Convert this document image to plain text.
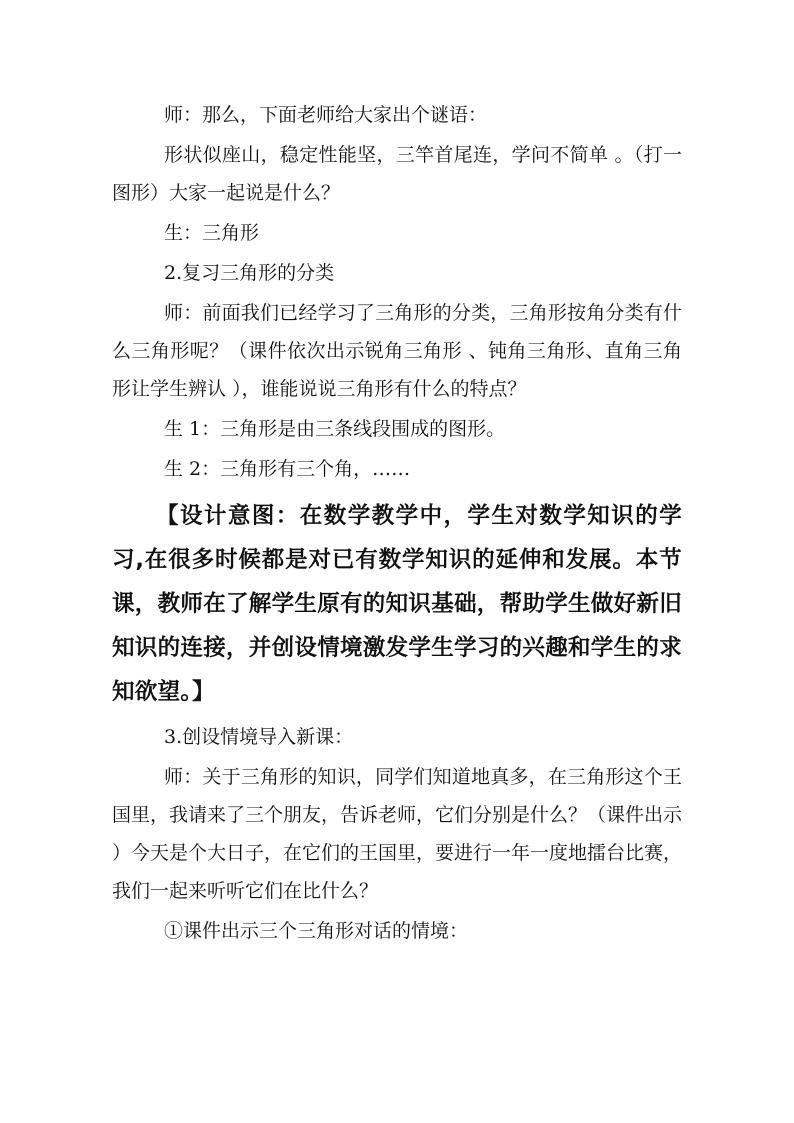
师：那么，下面老师给大家出个谜语：

形状似座山，稳定性能坚，三竿首尾连，学问不简单 。（打一图形）大家一起说是什么？

生：三角形

2.复习三角形的分类

师：前面我们已经学习了三角形的分类，三角形按角分类有什么三角形呢？（课件依次出示锐角三角形 、钝角三角形、直角三角形让学生辨认 ），谁能说说三角形有什么的特点？

生 1：三角形是由三条线段围成的图形。

生 2：三角形有三个角，……

【设计意图：在数学教学中，学生对数学知识的学习,在很多时候都是对已有数学知识的延伸和发展。本节课，教师在了解学生原有的知识基础，帮助学生做好新旧知识的连接，并创设情境激发学生学习的兴趣和学生的求知欲望。】

3.创设情境导入新课：

师：关于三角形的知识，同学们知道地真多，在三角形这个王国里，我请来了三个朋友，告诉老师，它们分别是什么？（课件出示 ）今天是个大日子，在它们的王国里，要进行一年一度地擂台比赛，我们一起来听听它们在比什么？

①课件出示三个三角形对话的情境：
